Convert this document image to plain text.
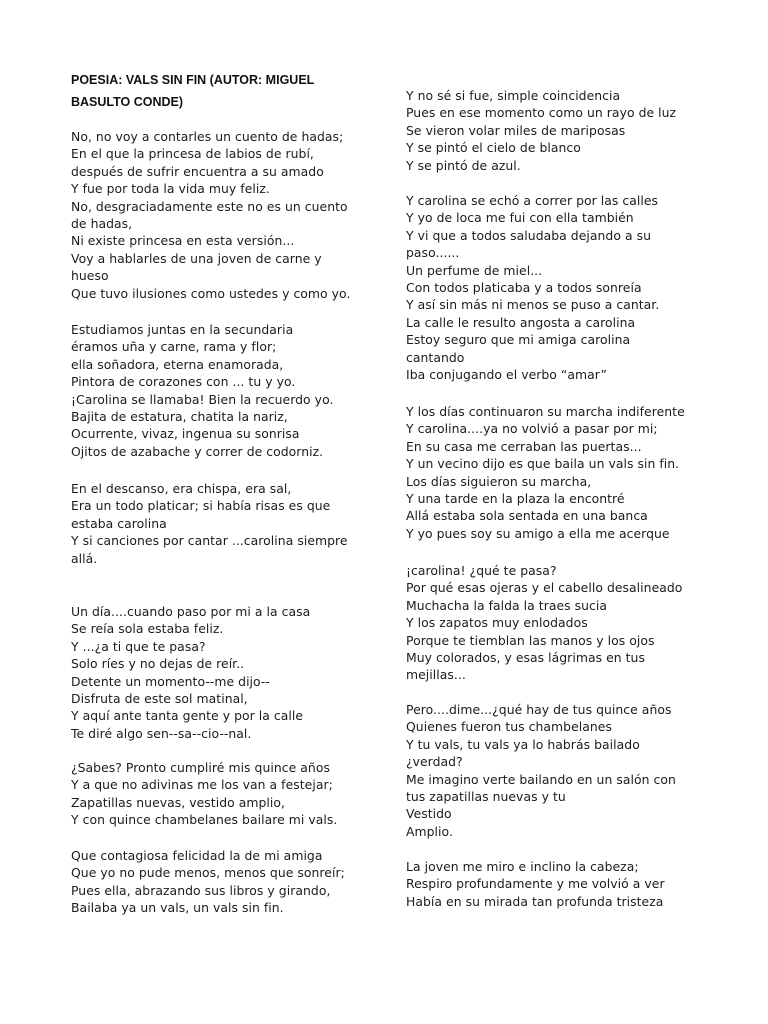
POESIA: VALS SIN FIN (AUTOR: MIGUEL BASULTO CONDE)
No, no voy a contarles un cuento de hadas;
En el que la princesa de labios de rubí,
después de sufrir encuentra a su amado
Y fue por toda la vida muy feliz.
No, desgraciadamente este no es un cuento
de hadas,
Ni existe princesa en esta versión...
Voy a hablarles de una joven de carne y
hueso
Que tuvo ilusiones como ustedes y como yo.
Estudiamos juntas en la secundaria
éramos uña y carne, rama y flor;
ella soñadora, eterna enamorada,
Pintora de corazones con ... tu y yo.
¡Carolina se llamaba! Bien la recuerdo yo.
Bajita de estatura, chatita la nariz,
Ocurrente, vivaz, ingenua su sonrisa
Ojitos de azabache y correr de codorniz.
En el descanso, era chispa, era sal,
Era un todo platicar; si había risas es que
estaba carolina
Y si canciones por cantar ...carolina siempre
allá.
Un día....cuando paso por mi a la casa
Se reía sola estaba feliz.
Y ...¿a ti que te pasa?
Solo ríes y no dejas de reír..
Detente un momento--me dijo--
Disfruta de este sol matinal,
Y aquí ante tanta gente y por la calle
Te diré algo sen--sa--cio--nal.
¿Sabes? Pronto cumpliré mis quince años
Y a que no adivinas me los van a festejar;
Zapatillas nuevas, vestido amplio,
Y con quince chambelanes bailare mi vals.
Que contagiosa felicidad la de mi amiga
Que yo no pude menos, menos que sonreír;
Pues ella, abrazando sus libros y girando,
Bailaba ya un vals, un vals sin fin.
Y no sé si fue, simple coincidencia
Pues en ese momento como un rayo de luz
Se vieron volar miles de mariposas
Y se pintó el cielo de blanco
Y se pintó de azul.
Y carolina se echó a correr por las calles
Y yo de loca me fui con ella también
Y vi que a todos saludaba dejando a su
paso......
Un perfume de miel...
Con todos platicaba y a todos sonreía
Y así sin más ni menos se puso a cantar.
La calle le resulto angosta a carolina
Estoy seguro que mi amiga carolina
cantando
Iba conjugando el verbo “amar”
Y los días continuaron su marcha indiferente
Y carolina....ya no volvió a pasar por mi;
En su casa me cerraban las puertas...
Y un vecino dijo es que baila un vals sin fin.
Los días siguieron su marcha,
Y una tarde en la plaza la encontré
Allá estaba sola sentada en una banca
Y yo pues soy su amigo a ella me acerque
¡carolina! ¿qué te pasa?
Por qué esas ojeras y el cabello desalineado
Muchacha la falda la traes sucia
Y los zapatos muy enlodados
Porque te tiemblan las manos y los ojos
Muy colorados, y esas lágrimas en tus
mejillas...
Pero....dime...¿qué hay de tus quince años
Quienes fueron tus chambelanes
Y tu vals, tu vals ya lo habrás bailado
¿verdad?
Me imagino verte bailando en un salón con
tus zapatillas nuevas y tu
Vestido
Amplio.
La joven me miro e inclino la cabeza;
Respiro profundamente y me volvió a ver
Había en su mirada tan profunda tristeza
